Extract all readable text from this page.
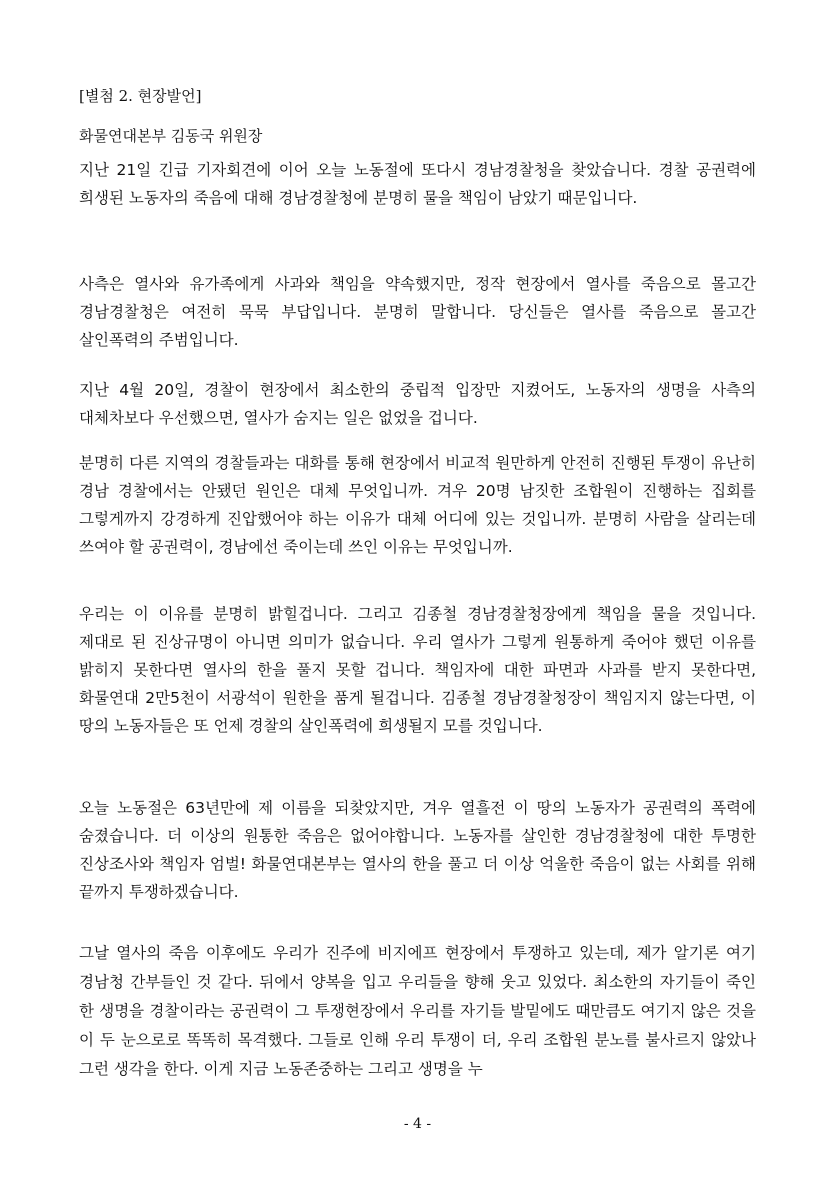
[별첨 2. 현장발언]
화물연대본부 김동국 위원장
지난 21일 긴급 기자회견에 이어 오늘 노동절에 또다시 경남경찰청을 찾았습니다. 경찰 공권력에 희생된 노동자의 죽음에 대해 경남경찰청에 분명히 물을 책임이 남았기 때문입니다.
사측은 열사와 유가족에게 사과와 책임을 약속했지만, 정작 현장에서 열사를 죽음으로 몰고간 경남경찰청은 여전히 묵묵 부답입니다. 분명히 말합니다. 당신들은 열사를 죽음으로 몰고간 살인폭력의 주범입니다.
지난 4월 20일, 경찰이 현장에서 최소한의 중립적 입장만 지켰어도, 노동자의 생명을 사측의 대체차보다 우선했으면, 열사가 숨지는 일은 없었을 겁니다.
분명히 다른 지역의 경찰들과는 대화를 통해 현장에서 비교적 원만하게 안전히 진행된 투쟁이 유난히 경남 경찰에서는 안됐던 원인은 대체 무엇입니까. 겨우 20명 남짓한 조합원이 진행하는 집회를 그렇게까지 강경하게 진압했어야 하는 이유가 대체 어디에 있는 것입니까. 분명히 사람을 살리는데 쓰여야 할 공권력이, 경남에선 죽이는데 쓰인 이유는 무엇입니까.
우리는 이 이유를 분명히 밝힐겁니다. 그리고 김종철 경남경찰청장에게 책임을 물을 것입니다. 제대로 된 진상규명이 아니면 의미가 없습니다. 우리 열사가 그렇게 원통하게 죽어야 했던 이유를 밝히지 못한다면 열사의 한을 풀지 못할 겁니다. 책임자에 대한 파면과 사과를 받지 못한다면, 화물연대 2만5천이 서광석이 원한을 품게 될겁니다. 김종철 경남경찰청장이 책임지지 않는다면, 이 땅의 노동자들은 또 언제 경찰의 살인폭력에 희생될지 모를 것입니다.
오늘 노동절은 63년만에 제 이름을 되찾았지만, 겨우 열흘전 이 땅의 노동자가 공권력의 폭력에 숨졌습니다. 더 이상의 원통한 죽음은 없어야합니다. 노동자를 살인한 경남경찰청에 대한 투명한 진상조사와 책임자 엄벌! 화물연대본부는 열사의 한을 풀고 더 이상 억울한 죽음이 없는 사회를 위해 끝까지 투쟁하겠습니다.
그날 열사의 죽음 이후에도 우리가 진주에 비지에프 현장에서 투쟁하고 있는데, 제가 알기론 여기 경남청 간부들인 것 같다. 뒤에서 양복을 입고 우리들을 향해 웃고 있었다. 최소한의 자기들이 죽인 한 생명을 경찰이라는 공권력이 그 투쟁현장에서 우리를 자기들 발밑에도 때만큼도 여기지 않은 것을 이 두 눈으로로 똑똑히 목격했다. 그들로 인해 우리 투쟁이 더, 우리 조합원 분노를 불사르지 않았나 그런 생각을 한다. 이게 지금 노동존중하는 그리고 생명을 누
- 4 -
